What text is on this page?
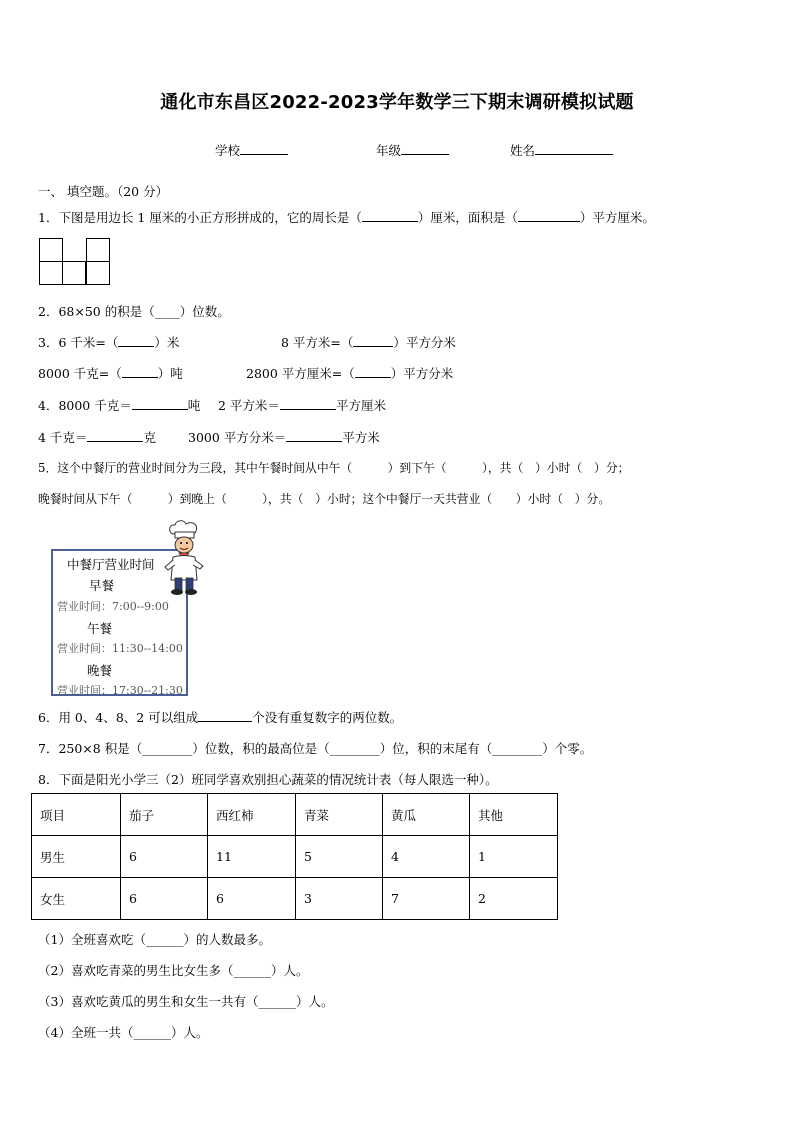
通化市东昌区2022-2023学年数学三下期末调研模拟试题
学校	年级	姓名
一、 填空题。（20 分）
1．下图是用边长 1 厘米的小正方形拼成的，它的周长是（	）厘米，面积是（	）平方厘米。
2．68×50 的积是（____）位数。
3．6 千米=（	）米	8 平方米=（	）平方分米
8000 千克=（	）吨	2800 平方厘米=（	）平方分米
4．8000 千克＝	吨 2 平方米＝	平方厘米
4 千克＝	克	3000 平方分米＝	平方米
5．这个中餐厅的营业时间分为三段，其中午餐时间从中午（　　　）到下午（　　　），共（　）小时（　）分；
晚餐时间从下午（　　　）到晚上（　　　），共（　）小时；这个中餐厅一天共营业（　　）小时（　）分。
中餐厅营业时间
早餐
营业时间：7:00--9:00
午餐
营业时间：11:30--14:00
晚餐
营业时间：17:30--21:30
6．用 0、4、8、2 可以组成	个没有重复数字的两位数。
7．250×8 积是（________）位数，积的最高位是（________）位，积的末尾有（________）个零。
8．下面是阳光小学三（2）班同学喜欢别担心蔬菜的情况统计表（每人限选一种）。
项目	茄子	西红柿	青菜	黄瓜	其他
男生	6	11	5	4	1
女生	6	6	3	7	2
（1）全班喜欢吃（______）的人数最多。
（2）喜欢吃青菜的男生比女生多（______）人。
（3）喜欢吃黄瓜的男生和女生一共有（______）人。
（4）全班一共（______）人。
